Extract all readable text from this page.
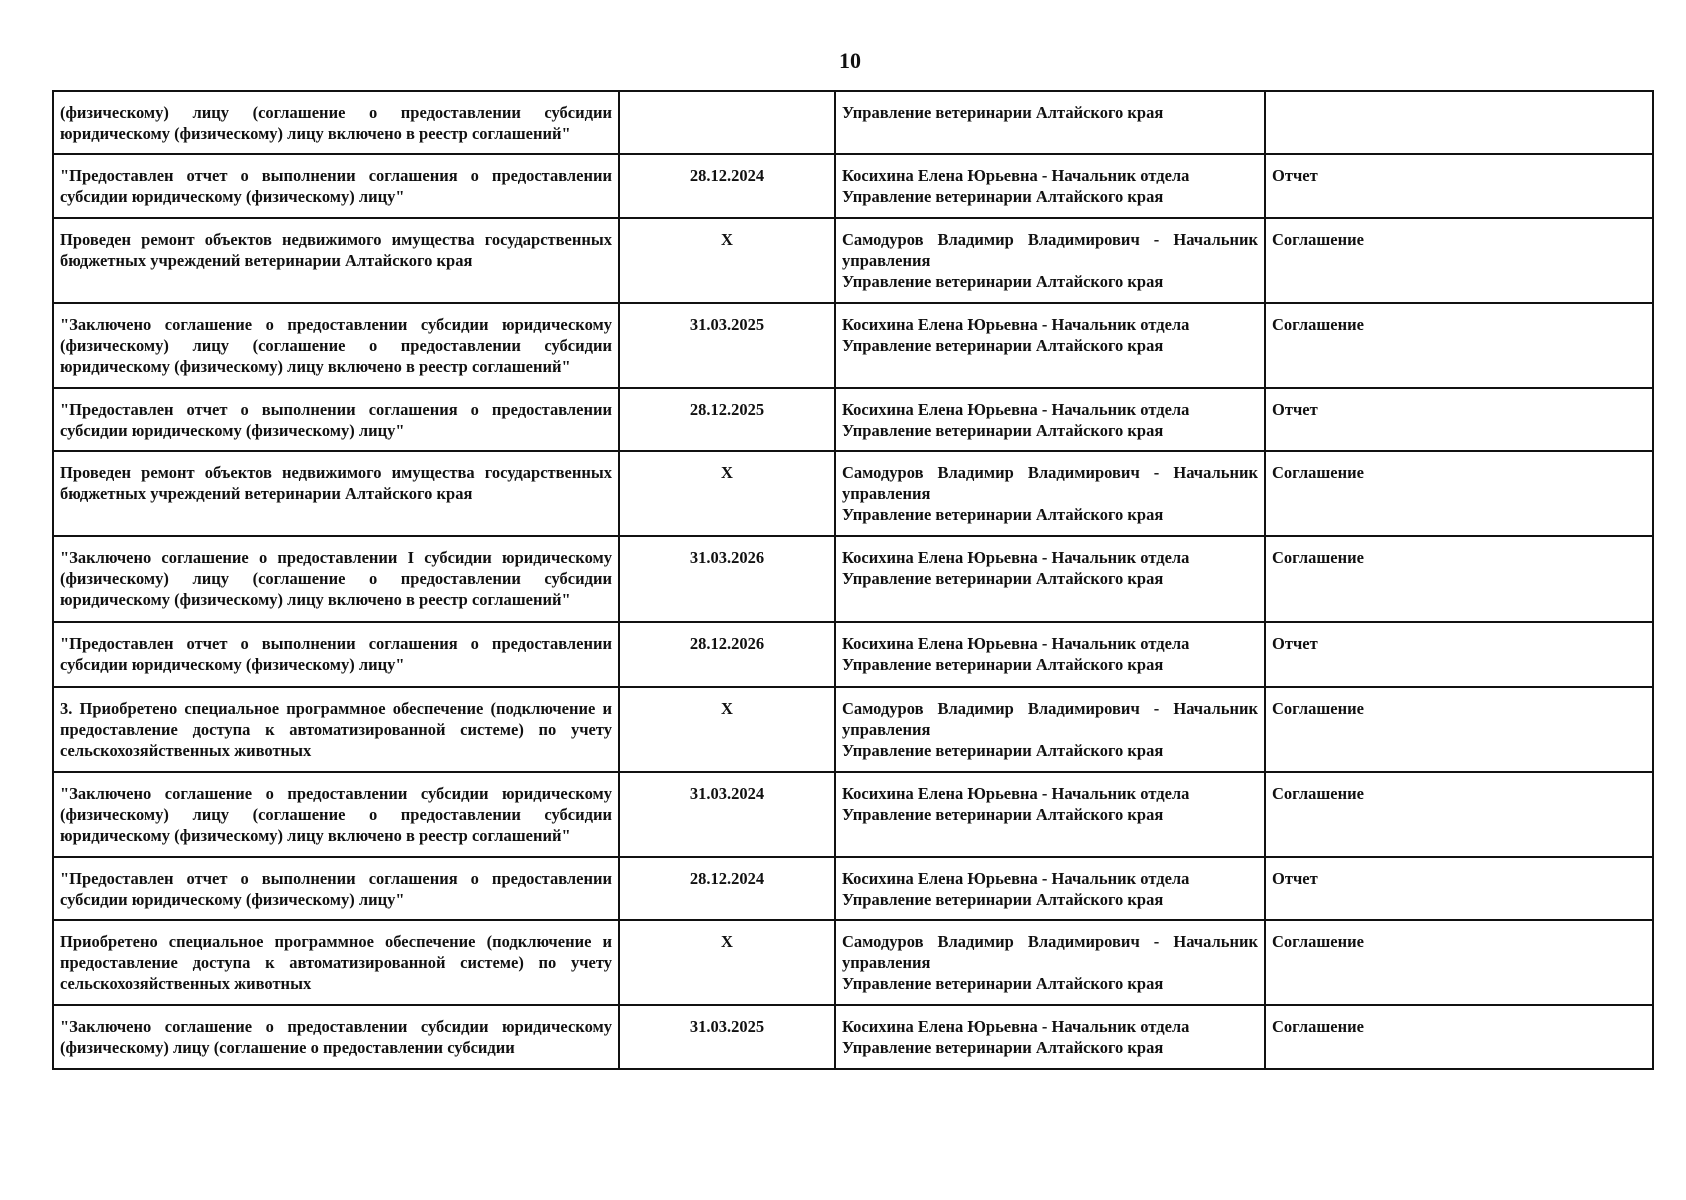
10
(физическому) лицу (соглашение о предоставлении субсидии юридическому (физическому) лицу включено в реестр соглашений"		Управление ветеринарии Алтайского края	

"Предоставлен отчет о выполнении соглашения о предоставлении субсидии юридическому (физическому) лицу"	28.12.2024	Косихина Елена Юрьевна - Начальник отдела
Управление ветеринарии Алтайского края	Отчет
Проведен ремонт объектов недвижимого имущества государственных бюджетных учреждений ветеринарии Алтайского края	X	Самодуров Владимир Владимирович - Начальник управления
Управление ветеринарии Алтайского края	Соглашение
"Заключено соглашение о предоставлении субсидии юридическому (физическому) лицу (соглашение о предоставлении субсидии юридическому (физическому) лицу включено в реестр соглашений"	31.03.2025	Косихина Елена Юрьевна - Начальник отдела
Управление ветеринарии Алтайского края	Соглашение
"Предоставлен отчет о выполнении соглашения о предоставлении субсидии юридическому (физическому) лицу"	28.12.2025	Косихина Елена Юрьевна - Начальник отдела
Управление ветеринарии Алтайского края	Отчет
Проведен ремонт объектов недвижимого имущества государственных бюджетных учреждений ветеринарии Алтайского края	X	Самодуров Владимир Владимирович - Начальник управления
Управление ветеринарии Алтайского края	Соглашение
"Заключено соглашение о предоставлении I субсидии юридическому (физическому) лицу (соглашение о предоставлении субсидии юридическому (физическому) лицу включено в реестр соглашений"	31.03.2026	Косихина Елена Юрьевна - Начальник отдела
Управление ветеринарии Алтайского края	Соглашение
"Предоставлен отчет о выполнении соглашения о предоставлении субсидии юридическому (физическому) лицу"	28.12.2026	Косихина Елена Юрьевна - Начальник отдела
Управление ветеринарии Алтайского края	Отчет
3. Приобретено специальное программное обеспечение (подключение и предоставление доступа к автоматизированной системе) по учету сельскохозяйственных животных	X	Самодуров Владимир Владимирович - Начальник управления
Управление ветеринарии Алтайского края	Соглашение
"Заключено соглашение о предоставлении субсидии юридическому (физическому) лицу (соглашение о предоставлении субсидии юридическому (физическому) лицу включено в реестр соглашений"	31.03.2024	Косихина Елена Юрьевна - Начальник отдела
Управление ветеринарии Алтайского края	Соглашение
"Предоставлен отчет о выполнении соглашения о предоставлении субсидии юридическому (физическому) лицу"	28.12.2024	Косихина Елена Юрьевна - Начальник отдела
Управление ветеринарии Алтайского края	Отчет
Приобретено специальное программное обеспечение (подключение и предоставление доступа к автоматизированной системе) по учету сельскохозяйственных животных	X	Самодуров Владимир Владимирович - Начальник управления
Управление ветеринарии Алтайского края	Соглашение
"Заключено соглашение о предоставлении субсидии юридическому (физическому) лицу (соглашение о предоставлении субсидии	31.03.2025	Косихина Елена Юрьевна - Начальник отдела
Управление ветеринарии Алтайского края	Соглашение
